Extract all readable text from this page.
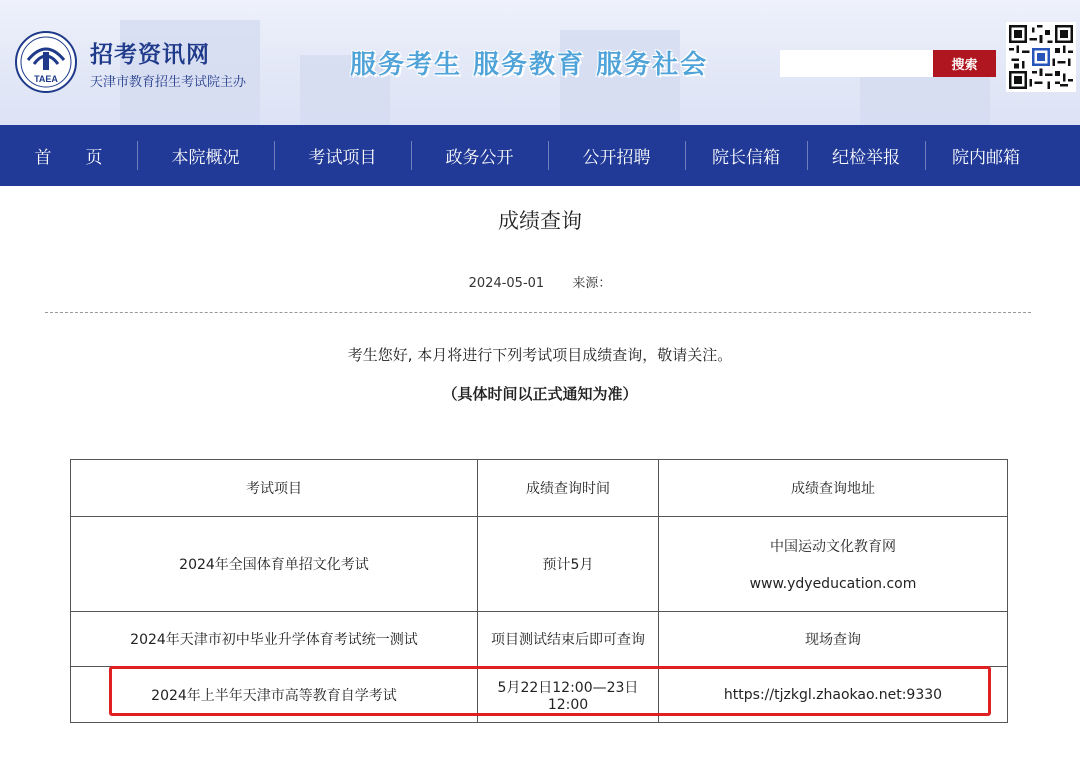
TAEA
招考资讯网
天津市教育招生考试院主办
服务考生 服务教育 服务社会	搜索
首　　页	本院概况	考试项目	政务公开	公开招聘	院长信箱	纪检举报	院内邮箱
成绩查询
2024-05-01 来源：
考生您好, 本月将进行下列考试项目成绩查询，敬请关注。
（具体时间以正式通知为准）
考试项目	成绩查询时间	成绩查询地址
2024年全国体育单招文化考试	预计5月	中国运动文化教育网
www.ydyeducation.com

2024年天津市初中毕业升学体育考试统一测试	项目测试结束后即可查询	现场查询
2024年上半年天津市高等教育自学考试	5月22日12:00—23日12:00	https://tjzkgl.zhaokao.net:9330
